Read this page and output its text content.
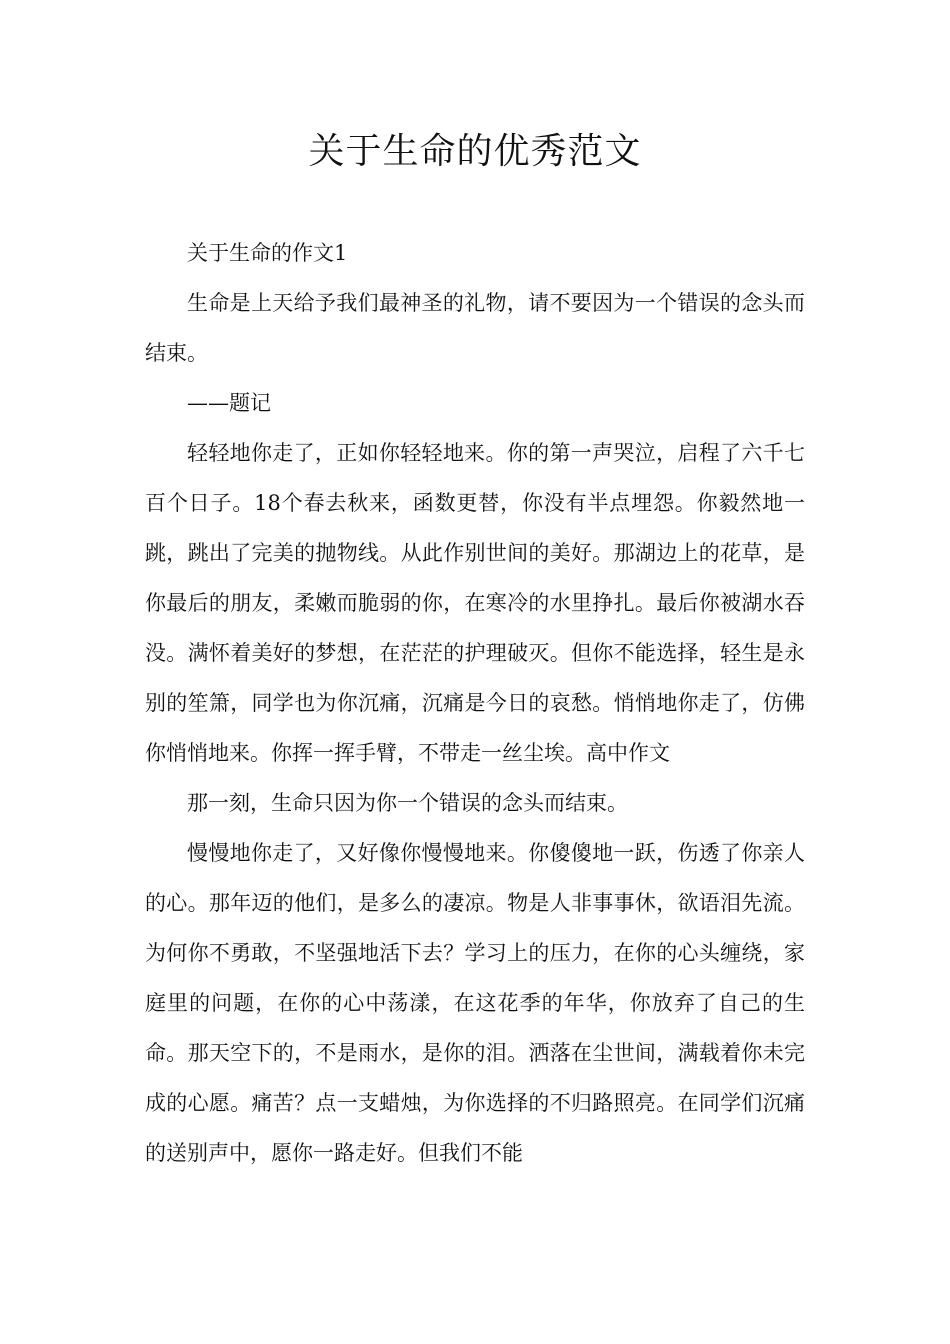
关于生命的优秀范文

关于生命的作文1

生命是上天给予我们最神圣的礼物，请不要因为一个错误的念头而结束。

——题记

轻轻地你走了，正如你轻轻地来。你的第一声哭泣，启程了六千七百个日子。18个春去秋来，函数更替，你没有半点埋怨。你毅然地一跳，跳出了完美的抛物线。从此作别世间的美好。那湖边上的花草，是你最后的朋友，柔嫩而脆弱的你，在寒冷的水里挣扎。最后你被湖水吞没。满怀着美好的梦想，在茫茫的护理破灭。但你不能选择，轻生是永别的笙箫，同学也为你沉痛，沉痛是今日的哀愁。悄悄地你走了，仿佛你悄悄地来。你挥一挥手臂，不带走一丝尘埃。高中作文

那一刻，生命只因为你一个错误的念头而结束。

慢慢地你走了，又好像你慢慢地来。你傻傻地一跃，伤透了你亲人的心。那年迈的他们，是多么的凄凉。物是人非事事休，欲语泪先流。为何你不勇敢，不坚强地活下去？学习上的压力，在你的心头缠绕，家庭里的问题，在你的心中荡漾，在这花季的年华，你放弃了自己的生命。那天空下的，不是雨水，是你的泪。洒落在尘世间，满载着你未完成的心愿。痛苦？点一支蜡烛，为你选择的不归路照亮。在同学们沉痛的送别声中，愿你一路走好。但我们不能
